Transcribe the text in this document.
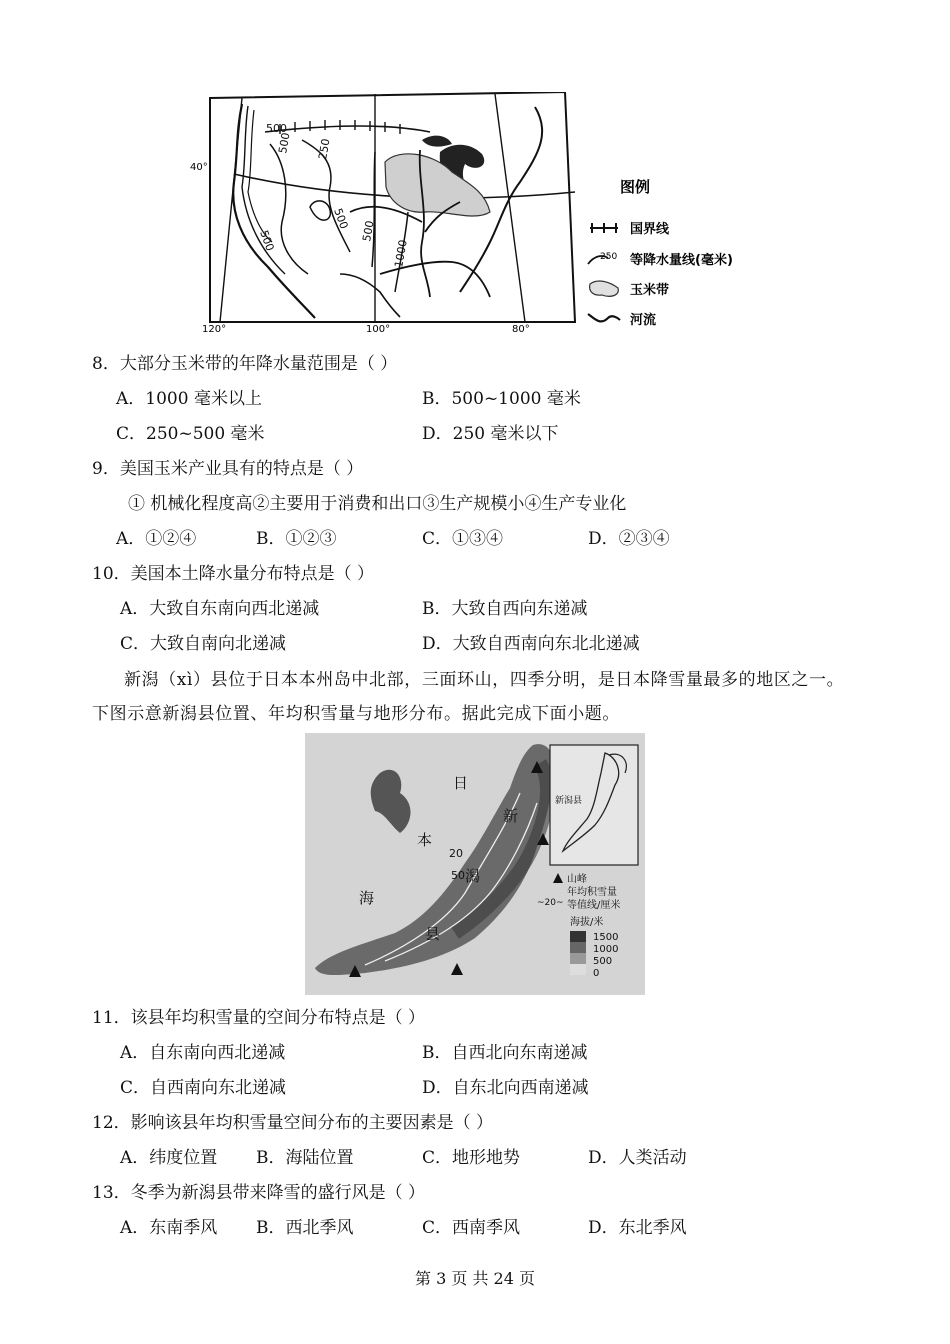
500
500 250
500
500	500
1000
40°
120°	100°	80°
图例
国界线
250 等降水量线(毫米)
玉米带
河流
8．大部分玉米带的年降水量范围是（ ）
A．1000 毫米以上	B．500~1000 毫米
C．250~500 毫米	D．250 毫米以下
9．美国玉米产业具有的特点是（ ）
① 机械化程度高②主要用于消费和出口③生产规模小④生产专业化
A．①②④	B．①②③	C．①③④	D．②③④
10．美国本土降水量分布特点是（ ）
A．大致自东南向西北递减	B．大致自西向东递减
C．大致自南向北递减	D．大致自西南向东北北递减
新潟（xì）县位于日本本州岛中北部，三面环山，四季分明，是日本降雪量最多的地区之一。下图示意新潟县位置、年均积雪量与地形分布。据此完成下面小题。
日
本
海
新
潟
县
20
50
新潟县
山峰
年均积雪量
~20~ 等值线/厘米
海拔/米
1500
1000
500
0
11．该县年均积雪量的空间分布特点是（ ）
A．自东南向西北递减	B．自西北向东南递减
C．自西南向东北递减	D．自东北向西南递减
12．影响该县年均积雪量空间分布的主要因素是（ ）
A．纬度位置 B．海陆位置	C．地形地势	D．人类活动
13．冬季为新潟县带来降雪的盛行风是（ ）
A．东南季风 B．西北季风	C．西南季风	D．东北季风
第 3 页 共 24 页
